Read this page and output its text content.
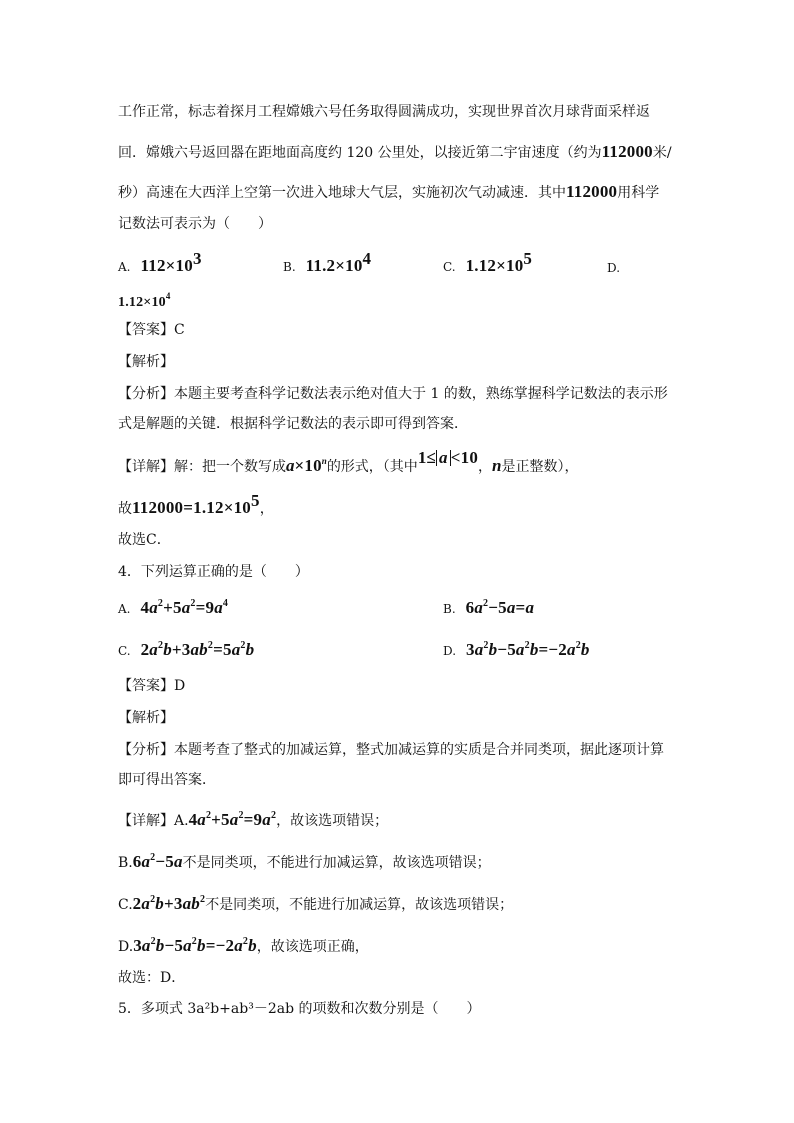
工作正常，标志着探月工程嫦娥六号任务取得圆满成功，实现世界首次月球背面采样返
回．嫦娥六号返回器在距地面高度约 120 公里处，以接近第二宇宙速度（约为112000米/
秒）高速在大西洋上空第一次进入地球大气层，实施初次气动减速．其中112000用科学
记数法可表示为（　　）
A. $112\times 10^3$	B. $11.2\times 10^4$	C. $1.12\times 10^5$	D.
$1.12\times 10^4$
【答案】C
【解析】
【分析】本题主要考查科学记数法表示绝对值大于 1 的数，熟练掌握科学记数法的表示形
式是解题的关键．根据科学记数法的表示即可得到答案．
【详解】解：把一个数写成$a\times 10^n$的形式，（其中1≤ a <10，n是正整数），
故$112000=1.12\times 10^5$，
故选C．
4．下列运算正确的是（　　）
A. $4a^2+5a^2=9a^4$	B. $6a^2-5a=a$
C. $2a^2b+3ab^2=5a^2b$	D. $3a^2b-5a^2b=-2a^2b$
【答案】D
【解析】
【分析】本题考查了整式的加减运算，整式加减运算的实质是合并同类项，据此逐项计算
即可得出答案．
【详解】$A.4a^2+5a^2=9a^2$，故该选项错误；
$B.6a^2-5a$不是同类项，不能进行加减运算，故该选项错误；
$C.2a^2b+3ab^2$不是同类项，不能进行加减运算，故该选项错误；
$D.3a^2b-5a^2b=-2a^2b$，故该选项正确，
故选：D．
5．多项式 3a²b+ab³－2ab 的项数和次数分别是（　　）
